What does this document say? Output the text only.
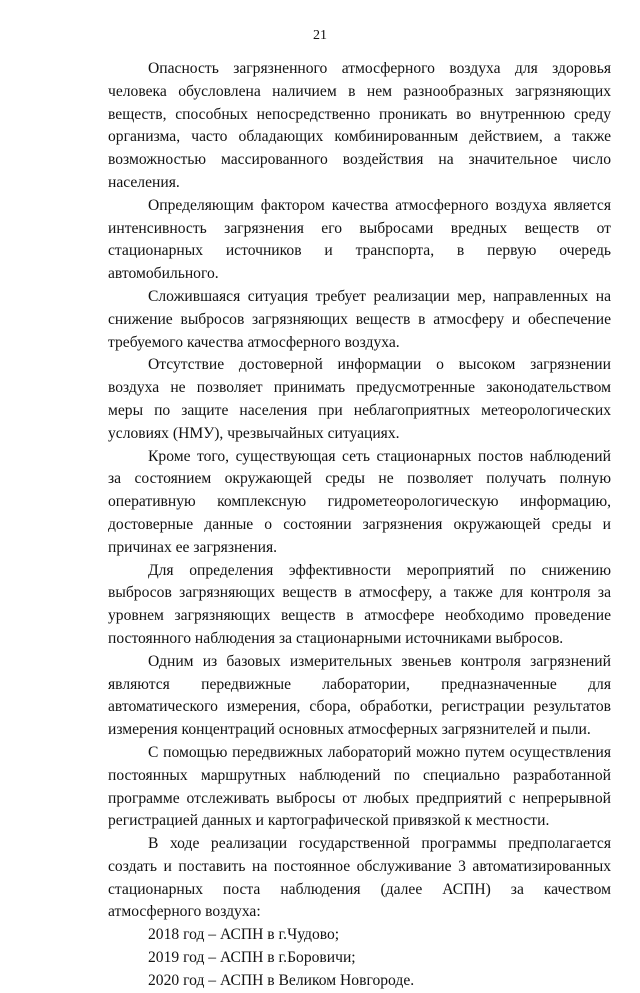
21

Опасность загрязненного атмосферного воздуха для здоровья человека обусловлена наличием в нем разнообразных загрязняющих веществ, способных непосредственно проникать во внутреннюю среду организма, часто обладающих комбинированным действием, а также возможностью массированного воздействия на значительное число населения.

Определяющим фактором качества атмосферного воздуха является интенсивность загрязнения его выбросами вредных веществ от стационарных источников и транспорта, в первую очередь автомобильного.

Сложившаяся ситуация требует реализации мер, направленных на снижение выбросов загрязняющих веществ в атмосферу и обеспечение требуемого качества атмосферного воздуха.

Отсутствие достоверной информации о высоком загрязнении воздуха не позволяет принимать предусмотренные законодательством меры по защите населения при неблагоприятных метеорологических условиях (НМУ), чрезвычайных ситуациях.

Кроме того, существующая сеть стационарных постов наблюдений за состоянием окружающей среды не позволяет получать полную оперативную комплексную гидрометеорологическую информацию, достоверные данные о состоянии загрязнения окружающей среды и причинах ее загрязнения.

Для определения эффективности мероприятий по снижению выбросов загрязняющих веществ в атмосферу, а также для контроля за уровнем загрязняющих веществ в атмосфере необходимо проведение постоянного наблюдения за стационарными источниками выбросов.

Одним из базовых измерительных звеньев контроля загрязнений являются передвижные лаборатории, предназначенные для автоматического измерения, сбора, обработки, регистрации результатов измерения концентраций основных атмосферных загрязнителей и пыли.

С помощью передвижных лабораторий можно путем осуществления постоянных маршрутных наблюдений по специально разработанной программе отслеживать выбросы от любых предприятий с непрерывной регистрацией данных и картографической привязкой к местности.

В ходе реализации государственной программы предполагается создать и поставить на постоянное обслуживание 3 автоматизированных стационарных поста наблюдения (далее АСПН) за качеством атмосферного воздуха:

2018 год – АСПН в г.Чудово;

2019 год – АСПН в г.Боровичи;

2020 год – АСПН в Великом Новгороде.
